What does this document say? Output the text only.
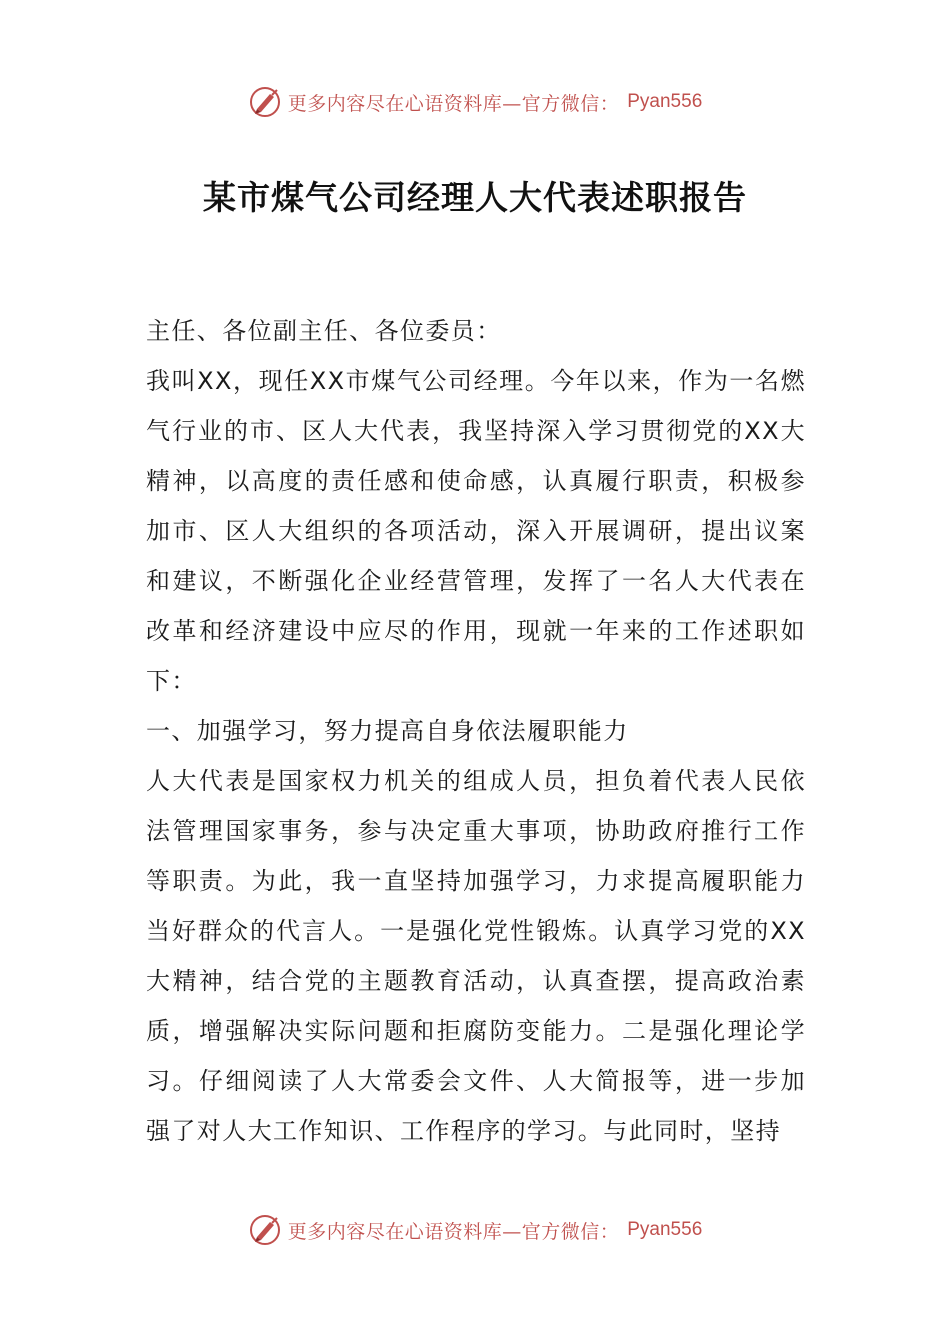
更多内容尽在心语资料库—官方微信： Pyan556
某市煤气公司经理人大代表述职报告

主任、各位副主任、各位委员：

我叫XX，现任XX市煤气公司经理。今年以来，作为一名燃气行业的市、区人大代表，我坚持深入学习贯彻党的XX大精神，以高度的责任感和使命感，认真履行职责，积极参加市、区人大组织的各项活动，深入开展调研，提出议案和建议，不断强化企业经营管理，发挥了一名人大代表在改革和经济建设中应尽的作用，现就一年来的工作述职如下：

一、加强学习，努力提高自身依法履职能力

人大代表是国家权力机关的组成人员，担负着代表人民依法管理国家事务，参与决定重大事项，协助政府推行工作等职责。为此，我一直坚持加强学习，力求提高履职能力当好群众的代言人。一是强化党性锻炼。认真学习党的XX大精神，结合党的主题教育活动，认真查摆，提高政治素质，增强解决实际问题和拒腐防变能力。二是强化理论学习。仔细阅读了人大常委会文件、人大简报等，进一步加强了对人大工作知识、工作程序的学习。与此同时，坚持

更多内容尽在心语资料库—官方微信： Pyan556
